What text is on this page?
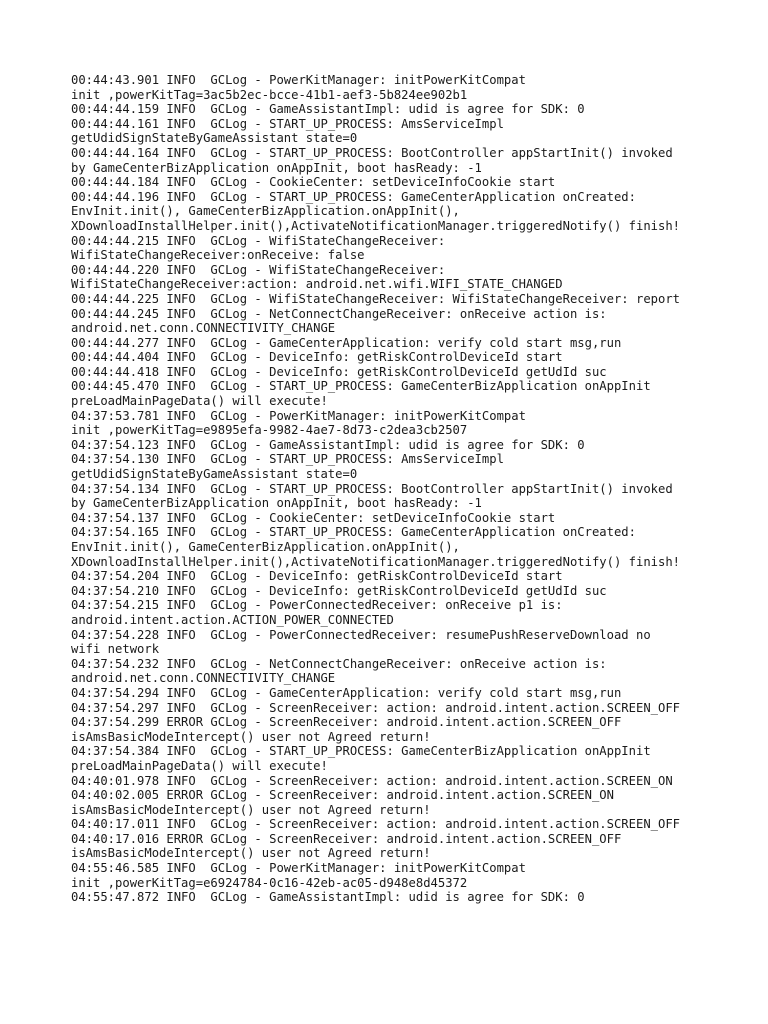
00:44:43.901 INFO  GCLog - PowerKitManager: initPowerKitCompat
init ,powerKitTag=3ac5b2ec-bcce-41b1-aef3-5b824ee902b1
00:44:44.159 INFO  GCLog - GameAssistantImpl: udid is agree for SDK: 0
00:44:44.161 INFO  GCLog - START_UP_PROCESS: AmsServiceImpl
getUdidSignStateByGameAssistant state=0
00:44:44.164 INFO  GCLog - START_UP_PROCESS: BootController appStartInit() invoked
by GameCenterBizApplication onAppInit, boot hasReady: -1
00:44:44.184 INFO  GCLog - CookieCenter: setDeviceInfoCookie start
00:44:44.196 INFO  GCLog - START_UP_PROCESS: GameCenterApplication onCreated:
EnvInit.init(), GameCenterBizApplication.onAppInit(),
XDownloadInstallHelper.init(),ActivateNotificationManager.triggeredNotify() finish!
00:44:44.215 INFO  GCLog - WifiStateChangeReceiver:
WifiStateChangeReceiver:onReceive: false
00:44:44.220 INFO  GCLog - WifiStateChangeReceiver:
WifiStateChangeReceiver:action: android.net.wifi.WIFI_STATE_CHANGED
00:44:44.225 INFO  GCLog - WifiStateChangeReceiver: WifiStateChangeReceiver: report
00:44:44.245 INFO  GCLog - NetConnectChangeReceiver: onReceive action is:
android.net.conn.CONNECTIVITY_CHANGE
00:44:44.277 INFO  GCLog - GameCenterApplication: verify cold start msg,run
00:44:44.404 INFO  GCLog - DeviceInfo: getRiskControlDeviceId start
00:44:44.418 INFO  GCLog - DeviceInfo: getRiskControlDeviceId getUdId suc
00:44:45.470 INFO  GCLog - START_UP_PROCESS: GameCenterBizApplication onAppInit
preLoadMainPageData() will execute!
04:37:53.781 INFO  GCLog - PowerKitManager: initPowerKitCompat
init ,powerKitTag=e9895efa-9982-4ae7-8d73-c2dea3cb2507
04:37:54.123 INFO  GCLog - GameAssistantImpl: udid is agree for SDK: 0
04:37:54.130 INFO  GCLog - START_UP_PROCESS: AmsServiceImpl
getUdidSignStateByGameAssistant state=0
04:37:54.134 INFO  GCLog - START_UP_PROCESS: BootController appStartInit() invoked
by GameCenterBizApplication onAppInit, boot hasReady: -1
04:37:54.137 INFO  GCLog - CookieCenter: setDeviceInfoCookie start
04:37:54.165 INFO  GCLog - START_UP_PROCESS: GameCenterApplication onCreated:
EnvInit.init(), GameCenterBizApplication.onAppInit(),
XDownloadInstallHelper.init(),ActivateNotificationManager.triggeredNotify() finish!
04:37:54.204 INFO  GCLog - DeviceInfo: getRiskControlDeviceId start
04:37:54.210 INFO  GCLog - DeviceInfo: getRiskControlDeviceId getUdId suc
04:37:54.215 INFO  GCLog - PowerConnectedReceiver: onReceive p1 is:
android.intent.action.ACTION_POWER_CONNECTED
04:37:54.228 INFO  GCLog - PowerConnectedReceiver: resumePushReserveDownload no
wifi network
04:37:54.232 INFO  GCLog - NetConnectChangeReceiver: onReceive action is:
android.net.conn.CONNECTIVITY_CHANGE
04:37:54.294 INFO  GCLog - GameCenterApplication: verify cold start msg,run
04:37:54.297 INFO  GCLog - ScreenReceiver: action: android.intent.action.SCREEN_OFF
04:37:54.299 ERROR GCLog - ScreenReceiver: android.intent.action.SCREEN_OFF
isAmsBasicModeIntercept() user not Agreed return!
04:37:54.384 INFO  GCLog - START_UP_PROCESS: GameCenterBizApplication onAppInit
preLoadMainPageData() will execute!
04:40:01.978 INFO  GCLog - ScreenReceiver: action: android.intent.action.SCREEN_ON
04:40:02.005 ERROR GCLog - ScreenReceiver: android.intent.action.SCREEN_ON
isAmsBasicModeIntercept() user not Agreed return!
04:40:17.011 INFO  GCLog - ScreenReceiver: action: android.intent.action.SCREEN_OFF
04:40:17.016 ERROR GCLog - ScreenReceiver: android.intent.action.SCREEN_OFF
isAmsBasicModeIntercept() user not Agreed return!
04:55:46.585 INFO  GCLog - PowerKitManager: initPowerKitCompat
init ,powerKitTag=e6924784-0c16-42eb-ac05-d948e8d45372
04:55:47.872 INFO  GCLog - GameAssistantImpl: udid is agree for SDK: 0
